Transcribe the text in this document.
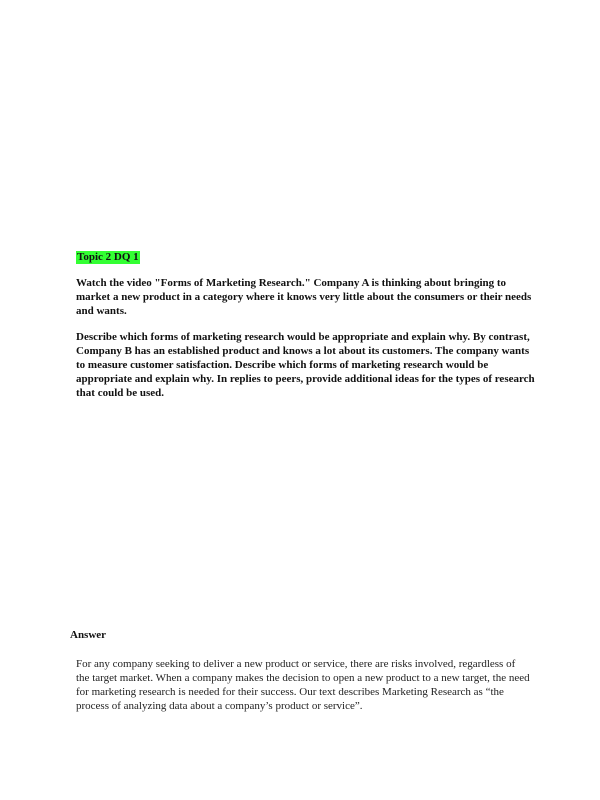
Topic 2 DQ 1

Watch the video "Forms of Marketing Research." Company A is thinking about bringing to market a new product in a category where it knows very little about the consumers or their needs and wants.

Describe which forms of marketing research would be appropriate and explain why. By contrast, Company B has an established product and knows a lot about its customers. The company wants to measure customer satisfaction. Describe which forms of marketing research would be appropriate and explain why. In replies to peers, provide additional ideas for the types of research that could be used.

Answer

For any company seeking to deliver a new product or service, there are risks involved, regardless of the target market. When a company makes the decision to open a new product to a new target, the need for marketing research is needed for their success. Our text describes Marketing Research as “the process of analyzing data about a company’s product or service”.
